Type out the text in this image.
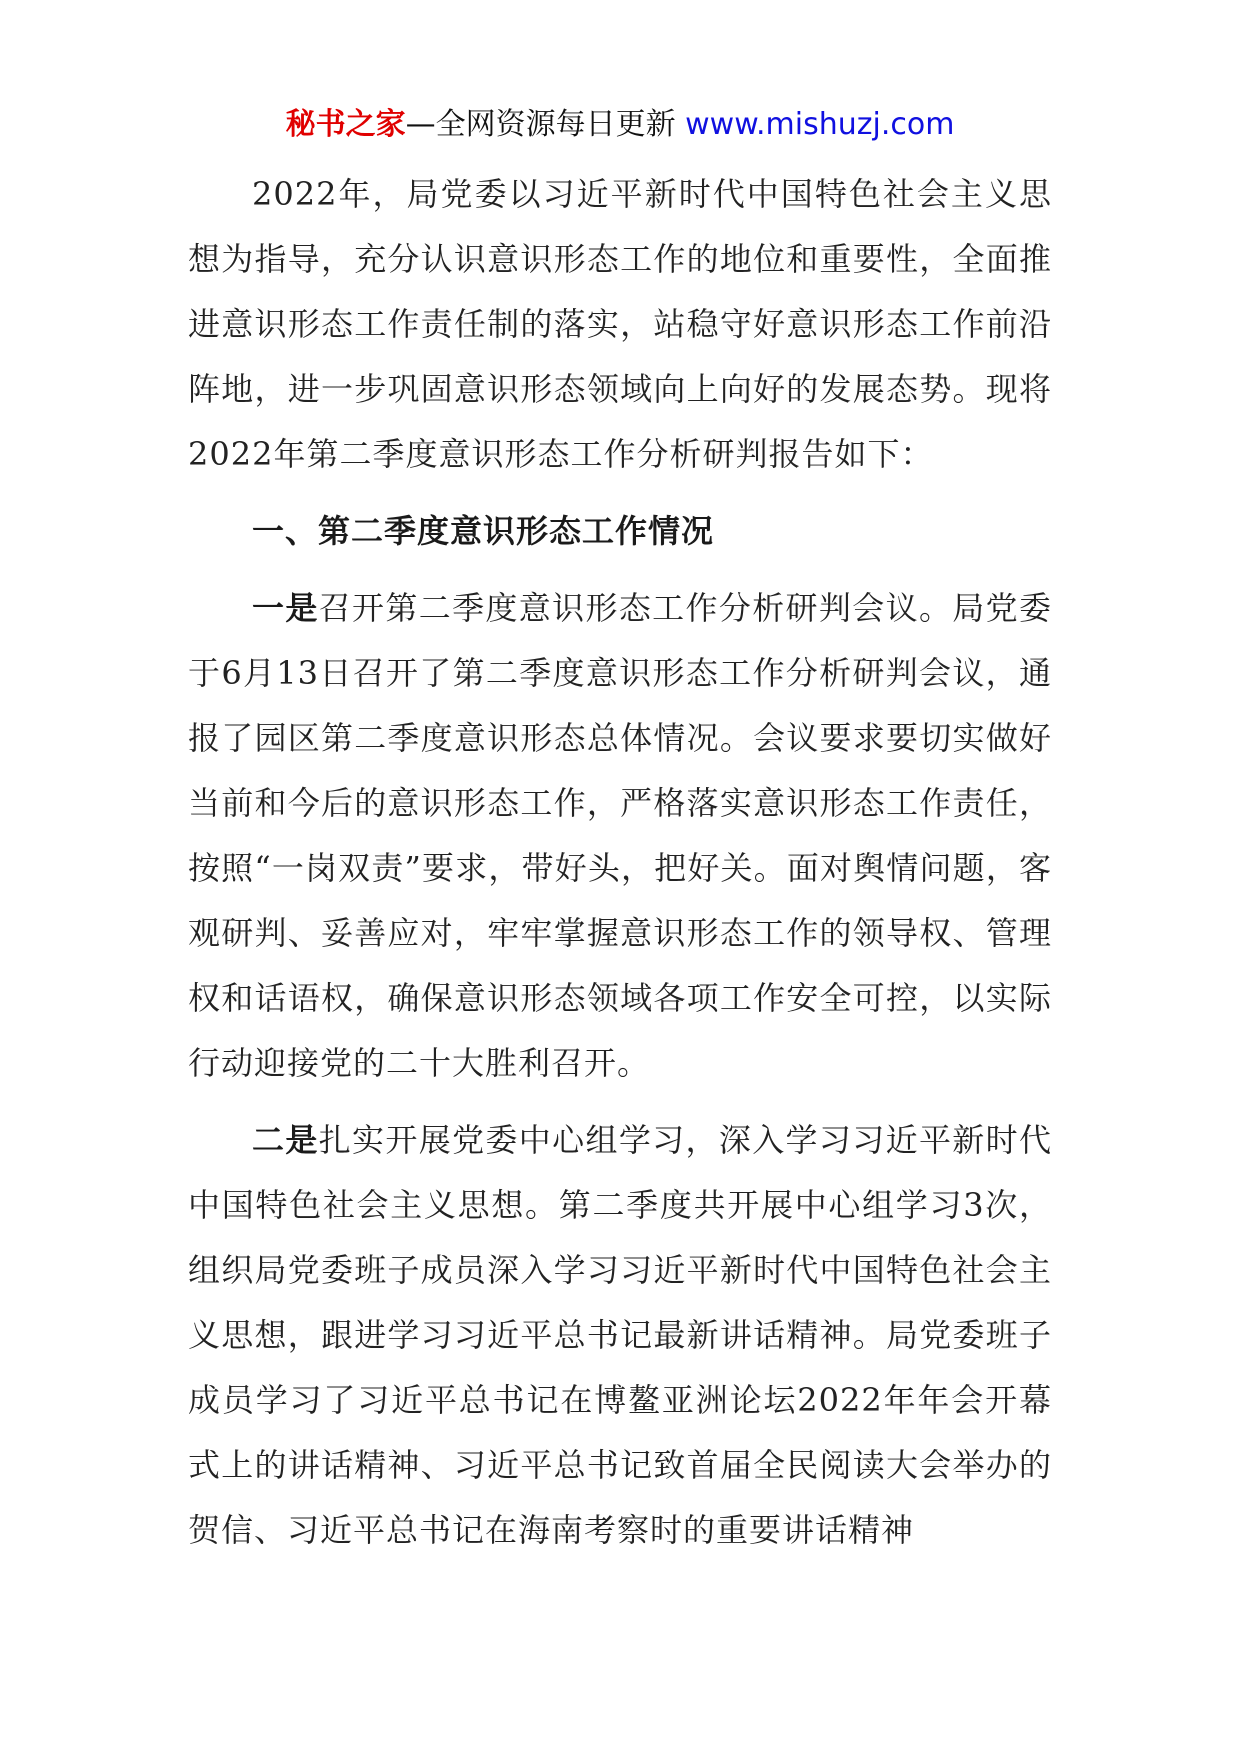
秘书之家—全网资源每日更新 www.mishuzj.com

2022年，局党委以习近平新时代中国特色社会主义思想为指导，充分认识意识形态工作的地位和重要性，全面推进意识形态工作责任制的落实，站稳守好意识形态工作前沿阵地，进一步巩固意识形态领域向上向好的发展态势。现将2022年第二季度意识形态工作分析研判报告如下：

一、第二季度意识形态工作情况

一是召开第二季度意识形态工作分析研判会议。局党委于6月13日召开了第二季度意识形态工作分析研判会议，通报了园区第二季度意识形态总体情况。会议要求要切实做好当前和今后的意识形态工作，严格落实意识形态工作责任，按照“一岗双责”要求，带好头，把好关。面对舆情问题，客观研判、妥善应对，牢牢掌握意识形态工作的领导权、管理权和话语权，确保意识形态领域各项工作安全可控，以实际行动迎接党的二十大胜利召开。

二是扎实开展党委中心组学习，深入学习习近平新时代中国特色社会主义思想。第二季度共开展中心组学习3次，组织局党委班子成员深入学习习近平新时代中国特色社会主义思想，跟进学习习近平总书记最新讲话精神。局党委班子成员学习了习近平总书记在博鳌亚洲论坛2022年年会开幕式上的讲话精神、习近平总书记致首届全民阅读大会举办的贺信、习近平总书记在海南考察时的重要讲话精神
